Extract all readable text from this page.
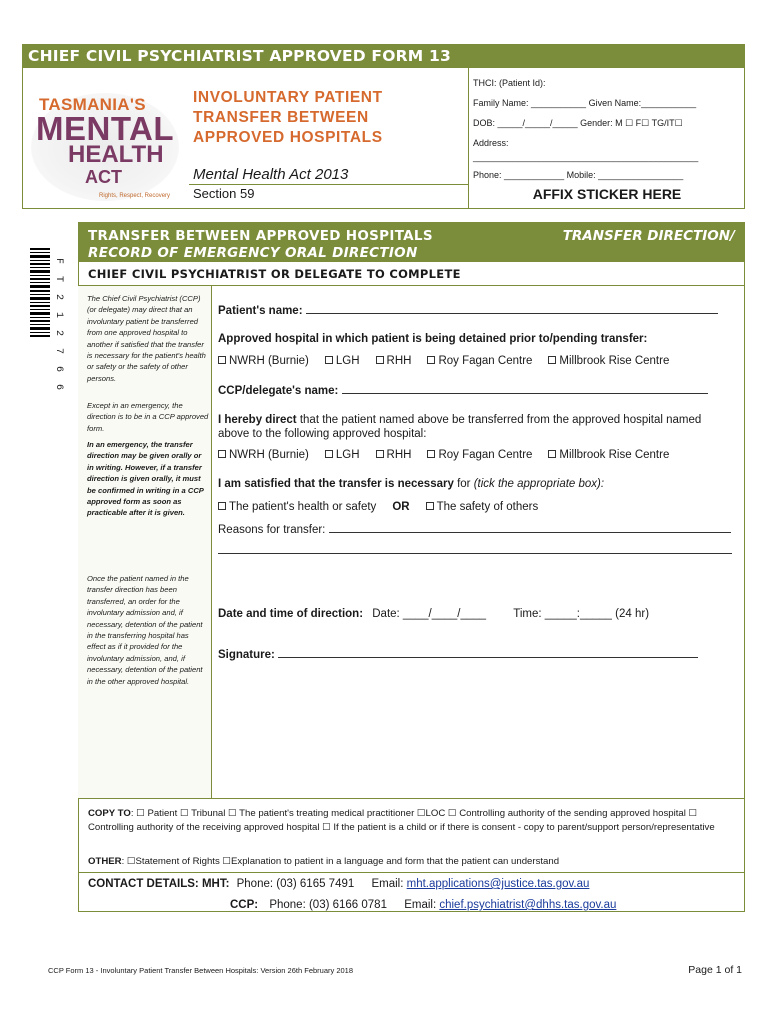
CHIEF CIVIL PSYCHIATRIST APPROVED FORM 13
TASMANIA'S
MENTAL
HEALTH
ACT
Rights, Respect, Recovery
INVOLUNTARY PATIENT
TRANSFER BETWEEN
APPROVED HOSPITALS
Mental Health Act 2013
Section 59
THCI: (Patient Id):
Family Name: ___________ Given Name:___________
DOB: _____/_____/_____ Gender: M ☐ F☐ TG/IT☐
Address:
_____________________________________________
Phone: ____________ Mobile: _________________
AFFIX STICKER HERE
F T 2 1 2 7 6 6
TRANSFER BETWEEN APPROVED HOSPITALS
RECORD OF EMERGENCY ORAL DIRECTION
TRANSFER DIRECTION/
CHIEF CIVIL PSYCHIATRIST OR DELEGATE TO COMPLETE

The Chief Civil Psychiatrist (CCP) (or delegate) may direct that an involuntary patient be transferred from one approved hospital to another if satisfied that the transfer is necessary for the patient's health or safety or the safety of other persons.

Except in an emergency, the direction is to be in a CCP approved form.

In an emergency, the transfer direction may be given orally or in writing. However, if a transfer direction is given orally, it must be confirmed in writing in a CCP approved form as soon as practicable after it is given.

Once the patient named in the transfer direction has been transferred, an order for the involuntary admission and, if necessary, detention of the patient in the transferring hospital has effect as if it provided for the involuntary admission, and, if necessary, detention of the patient in the other approved hospital.

Patient's name:
Approved hospital in which patient is being detained prior to/pending transfer:
NWRH (Burnie) LGH RHH Roy Fagan Centre Millbrook Rise Centre
CCP/delegate's name:
I hereby direct that the patient named above be transferred from the approved hospital named
above to the following approved hospital:
NWRH (Burnie) LGH RHH Roy Fagan Centre Millbrook Rise Centre
I am satisfied that the transfer is necessary for (tick the appropriate box):
The patient's health or safety OR The safety of others
Reasons for transfer:
Date and time of direction: Date: ____/____/____ Time: _____:_____ (24 hr)
Signature:
COPY TO: ☐ Patient ☐ Tribunal ☐ The patient's treating medical practitioner ☐LOC ☐ Controlling authority of the sending approved hospital ☐ Controlling authority of the receiving approved hospital ☐ If the patient is a child or if there is consent - copy to parent/support person/representative
OTHER: ☐Statement of Rights ☐Explanation to patient in a language and form that the patient can understand
CONTACT DETAILS: MHT: Phone: (03) 6165 7491 Email: mht.applications@justice.tas.gov.au
CCP: Phone: (03) 6166 0781 Email: chief.psychiatrist@dhhs.tas.gov.au
CCP Form 13 - Involuntary Patient Transfer Between Hospitals: Version 26th February 2018	Page 1 of 1
